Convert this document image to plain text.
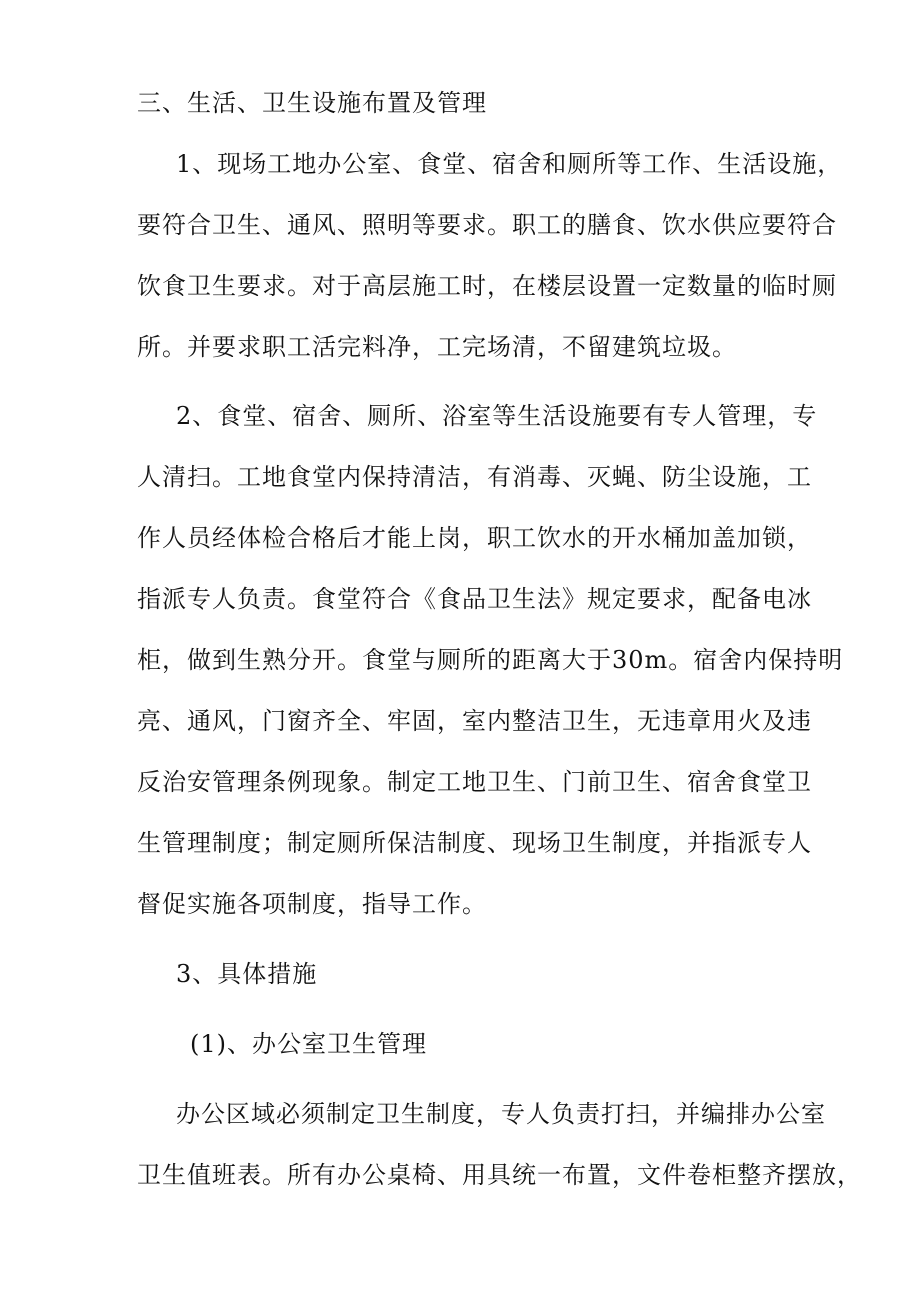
三、生活、卫生设施布置及管理
1、现场工地办公室、食堂、宿舍和厕所等工作、生活设施，
要符合卫生、通风、照明等要求。职工的膳食、饮水供应要符合
饮食卫生要求。对于高层施工时，在楼层设置一定数量的临时厕
所。并要求职工活完料净，工完场清，不留建筑垃圾。
2、食堂、宿舍、厕所、浴室等生活设施要有专人管理，专
人清扫。工地食堂内保持清洁，有消毒、灭蝇、防尘设施，工
作人员经体检合格后才能上岗，职工饮水的开水桶加盖加锁，
指派专人负责。食堂符合《食品卫生法》规定要求，配备电冰
柜，做到生熟分开。食堂与厕所的距离大于30m。宿舍内保持明
亮、通风，门窗齐全、牢固，室内整洁卫生，无违章用火及违
反治安管理条例现象。制定工地卫生、门前卫生、宿舍食堂卫
生管理制度；制定厕所保洁制度、现场卫生制度，并指派专人
督促实施各项制度，指导工作。
3、具体措施
(1)、办公室卫生管理
办公区域必须制定卫生制度，专人负责打扫，并编排办公室
卫生值班表。所有办公桌椅、用具统一布置，文件卷柜整齐摆放，
